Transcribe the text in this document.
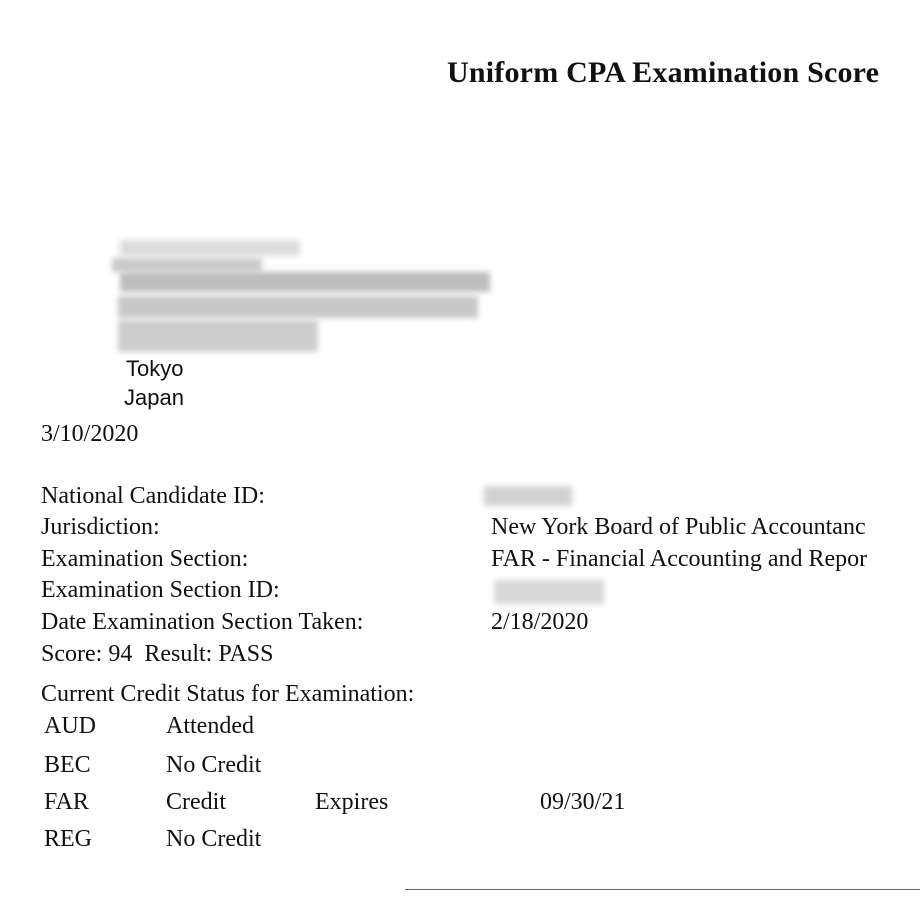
Uniform CPA Examination Score
Tokyo
Japan
3/10/2020
National Candidate ID:
Jurisdiction:	New York Board of Public Accountanc
Examination Section:	FAR - Financial Accounting and Repor
Examination Section ID:
Date Examination Section Taken:	2/18/2020
Score: 94  Result: PASS
Current Credit Status for Examination:
AUD	Attended
BEC	No Credit
FAR	Credit	Expires	09/30/21
REG	No Credit
